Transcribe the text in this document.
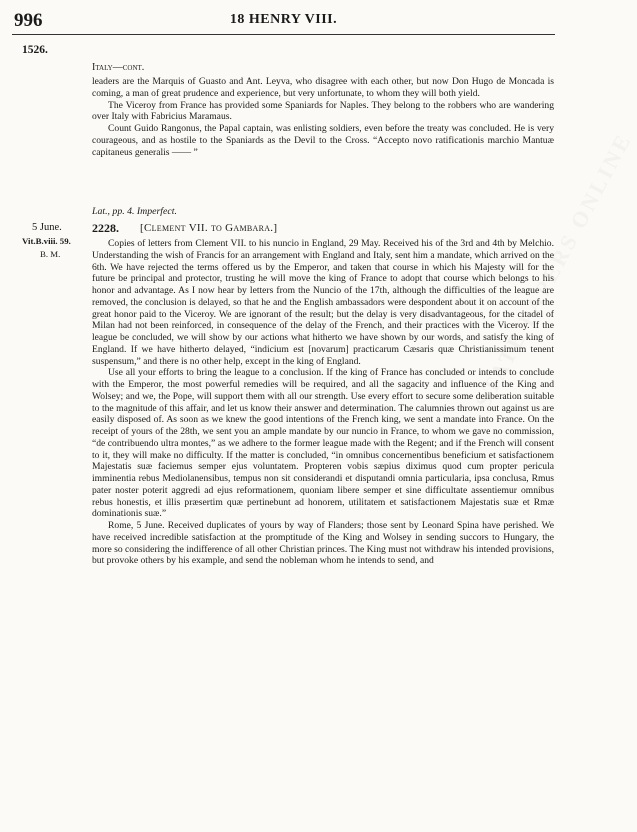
996	18 HENRY VIII.
1526.
Italy—cont.

leaders are the Marquis of Guasto and Ant. Leyva, who disagree with each other, but now Don Hugo de Moncada is coming, a man of great prudence and experience, but very unfortunate, to whom they will both yield.

The Viceroy from France has provided some Spaniards for Naples. They belong to the robbers who are wandering over Italy with Fabricius Maramaus.

Count Guido Rangonus, the Papal captain, was enlisting soldiers, even before the treaty was concluded. He is very courageous, and as hostile to the Spaniards as the Devil to the Cross. “Accepto novo ratificationis marchio Mantuæ capitaneus generalis —— ”

Lat., pp. 4. Imperfect.
5 June.
Vit.B.viii. 59.
B. M.
2228. [Clement VII. to Gambara.]

Copies of letters from Clement VII. to his nuncio in England, 29 May. Received his of the 3rd and 4th by Melchio. Understanding the wish of Francis for an arrangement with England and Italy, sent him a mandate, which arrived on the 6th. We have rejected the terms offered us by the Emperor, and taken that course in which his Majesty will for the future be principal and protector, trusting he will move the king of France to adopt that course which belongs to his honor and advantage. As I now hear by letters from the Nuncio of the 17th, although the difficulties of the league are removed, the conclusion is delayed, so that he and the English ambassadors were despondent about it on account of the great honor paid to the Viceroy. We are ignorant of the result; but the delay is very disadvantageous, for the citadel of Milan had not been reinforced, in consequence of the delay of the French, and their practices with the Viceroy. If the league be concluded, we will show by our actions what hitherto we have shown by our words, and satisfy the king of England. If we have hitherto delayed, “indicium est [novarum] practicarum Cæsaris quæ Christianissimum tenent suspensum,” and there is no other help, except in the king of England.

Use all your efforts to bring the league to a conclusion. If the king of France has concluded or intends to conclude with the Emperor, the most powerful remedies will be required, and all the sagacity and influence of the King and Wolsey; and we, the Pope, will support them with all our strength. Use every effort to secure some deliberation suitable to the magnitude of this affair, and let us know their answer and determination. The calumnies thrown out against us are easily disposed of. As soon as we knew the good intentions of the French king, we sent a mandate into France. On the receipt of yours of the 28th, we sent you an ample mandate by our nuncio in France, to whom we gave no commission, “de contribuendo ultra montes,” as we adhere to the former league made with the Regent; and if the French will consent to it, they will make no difficulty. If the matter is concluded, “in omnibus concernentibus beneficium et satisfactionem Majestatis suæ faciemus semper ejus voluntatem. Propteren vobis sæpius diximus quod cum propter pericula imminentia rebus Mediolanensibus, tempus non sit considerandi et disputandi omnia particularia, ipsa conclusa, Rmus pater noster poterit aggredi ad ejus reformationem, quoniam libere semper et sine difficultate assentiemur omnibus rebus honestis, et illis præsertim quæ pertinebunt ad honorem, utilitatem et satisfactionem Majestatis suæ et Rmæ dominationis suæ.”

Rome, 5 June. Received duplicates of yours by way of Flanders; those sent by Leonard Spina have perished. We have received incredible satisfaction at the promptitude of the King and Wolsey in sending succors to Hungary, the more so considering the indifference of all other Christian princes. The King must not withdraw his intended provisions, but provoke others by his example, and send the nobleman whom he intends to send, and

STATE PAPERS ONLINE
